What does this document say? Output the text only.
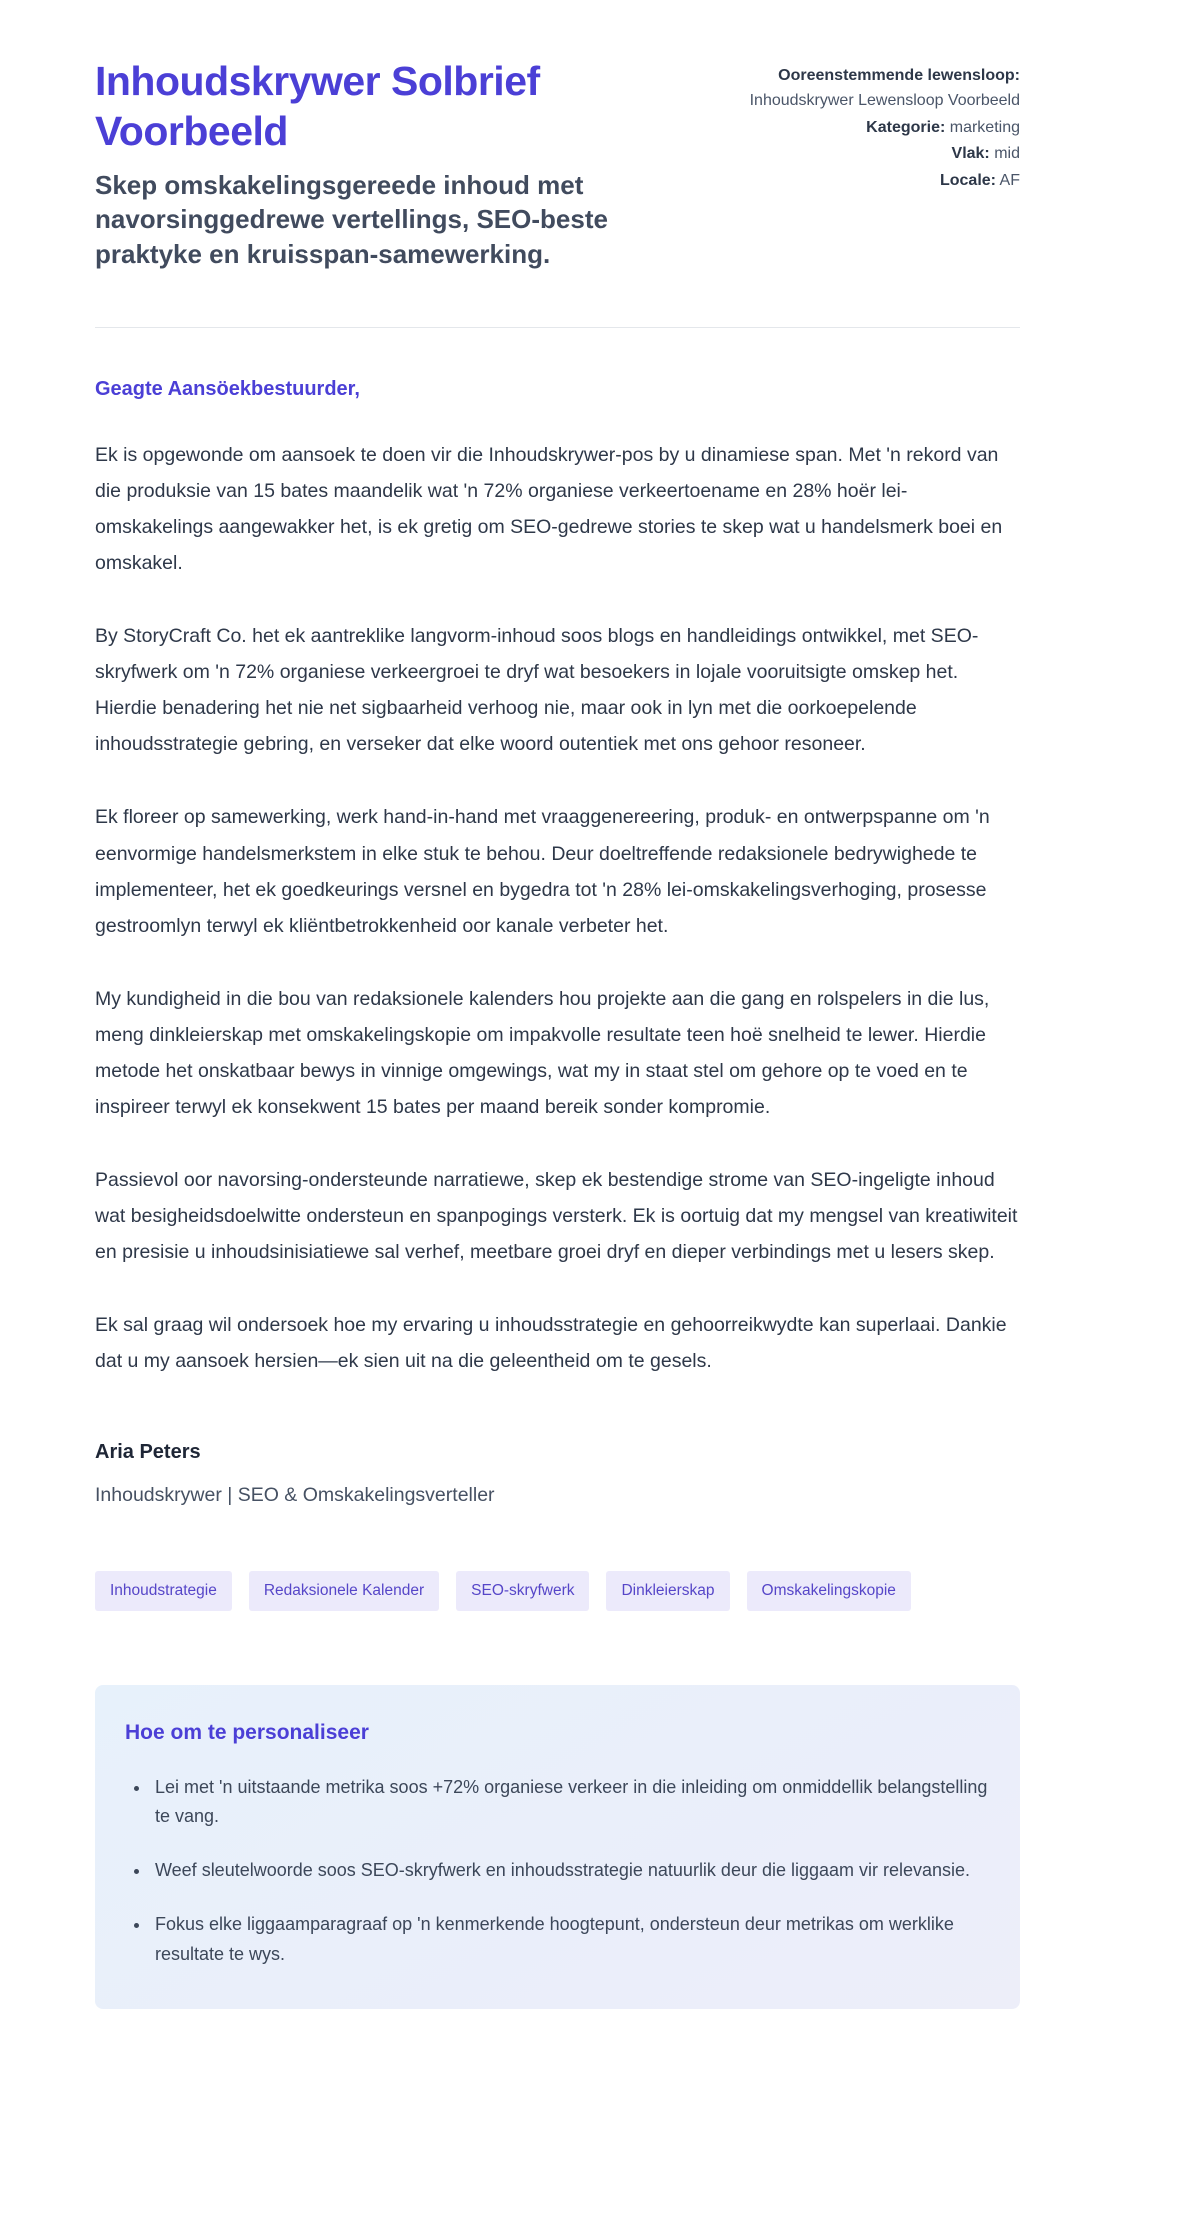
Inhoudskrywer Solbrief Voorbeeld
Skep omskakelingsgereede inhoud met navorsinggedrewe vertellings, SEO-beste praktyke en kruisspan-samewerking.
Ooreenstemmende lewensloop: Inhoudskrywer Lewensloop Voorbeeld
Kategorie: marketing
Vlak: mid
Locale: AF
Geagte Aansöekbestuurder,

Ek is opgewonde om aansoek te doen vir die Inhoudskrywer-pos by u dinamiese span. Met 'n rekord van die produksie van 15 bates maandelik wat 'n 72% organiese verkeertoename en 28% hoër lei-omskakelings aangewakker het, is ek gretig om SEO-gedrewe stories te skep wat u handelsmerk boei en omskakel.

By StoryCraft Co. het ek aantreklike langvorm-inhoud soos blogs en handleidings ontwikkel, met SEO-skryfwerk om 'n 72% organiese verkeergroei te dryf wat besoekers in lojale vooruitsigte omskep het. Hierdie benadering het nie net sigbaarheid verhoog nie, maar ook in lyn met die oorkoepelende inhoudsstrategie gebring, en verseker dat elke woord outentiek met ons gehoor resoneer.

Ek floreer op samewerking, werk hand-in-hand met vraaggenereering, produk- en ontwerpspanne om 'n eenvormige handelsmerkstem in elke stuk te behou. Deur doeltreffende redaksionele bedrywighede te implementeer, het ek goedkeurings versnel en bygedra tot 'n 28% lei-omskakelingsverhoging, prosesse gestroomlyn terwyl ek kliëntbetrokkenheid oor kanale verbeter het.

My kundigheid in die bou van redaksionele kalenders hou projekte aan die gang en rolspelers in die lus, meng dinkleierskap met omskakelingskopie om impakvolle resultate teen hoë snelheid te lewer. Hierdie metode het onskatbaar bewys in vinnige omgewings, wat my in staat stel om gehore op te voed en te inspireer terwyl ek konsekwent 15 bates per maand bereik sonder kompromie.

Passievol oor navorsing-ondersteunde narratiewe, skep ek bestendige strome van SEO-ingeligte inhoud wat besigheidsdoelwitte ondersteun en spanpogings versterk. Ek is oortuig dat my mengsel van kreatiwiteit en presisie u inhoudsinisiatiewe sal verhef, meetbare groei dryf en dieper verbindings met u lesers skep.

Ek sal graag wil ondersoek hoe my ervaring u inhoudsstrategie en gehoorreikwydte kan superlaai. Dankie dat u my aansoek hersien—ek sien uit na die geleentheid om te gesels.

Aria Peters
Inhoudskrywer | SEO & Omskakelingsverteller
Inhoudstrategie	Redaksionele Kalender	SEO-skryfwerk	Dinkleierskap	Omskakelingskopie
Hoe om te personaliseer
• Lei met 'n uitstaande metrika soos +72% organiese verkeer in die inleiding om onmiddellik belangstelling te vang.
• Weef sleutelwoorde soos SEO-skryfwerk en inhoudsstrategie natuurlik deur die liggaam vir relevansie.
• Fokus elke liggaamparagraaf op 'n kenmerkende hoogtepunt, ondersteun deur metrikas om werklike resultate te wys.
